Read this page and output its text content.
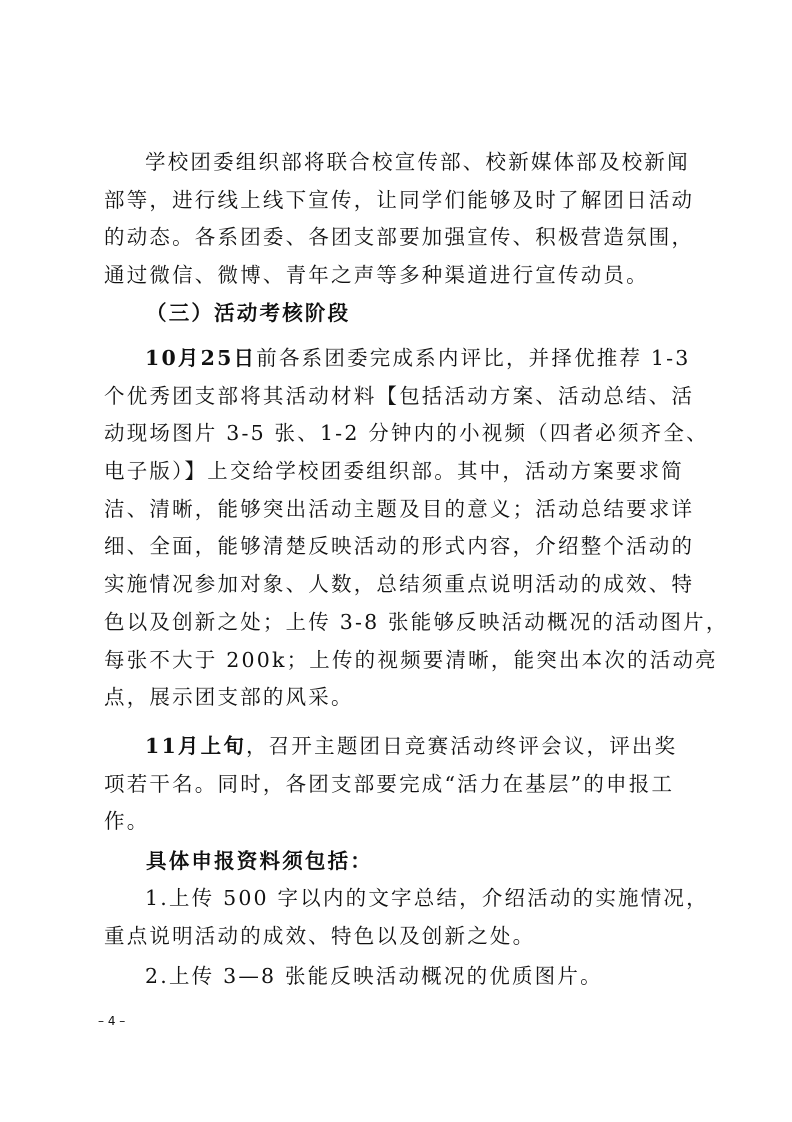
学校团委组织部将联合校宣传部、校新媒体部及校新闻
部等，进行线上线下宣传，让同学们能够及时了解团日活动
的动态。各系团委、各团支部要加强宣传、积极营造氛围，
通过微信、微博、青年之声等多种渠道进行宣传动员。
（三）活动考核阶段
10月25日前各系团委完成系内评比，并择优推荐 1-3
个优秀团支部将其活动材料【包括活动方案、活动总结、活
动现场图片 3-5 张、1-2 分钟内的小视频（四者必须齐全、
电子版）】上交给学校团委组织部。其中，活动方案要求简
洁、清晰，能够突出活动主题及目的意义；活动总结要求详
细、全面，能够清楚反映活动的形式内容，介绍整个活动的
实施情况参加对象、人数，总结须重点说明活动的成效、特
色以及创新之处；上传 3-8 张能够反映活动概况的活动图片，
每张不大于 200k；上传的视频要清晰，能突出本次的活动亮
点，展示团支部的风采。
11月上旬，召开主题团日竞赛活动终评会议，评出奖
项若干名。同时，各团支部要完成“活力在基层”的申报工
作。
具体申报资料须包括：
1.上传 500 字以内的文字总结，介绍活动的实施情况，
重点说明活动的成效、特色以及创新之处。
2.上传 3—8 张能反映活动概况的优质图片。
– 4 –
